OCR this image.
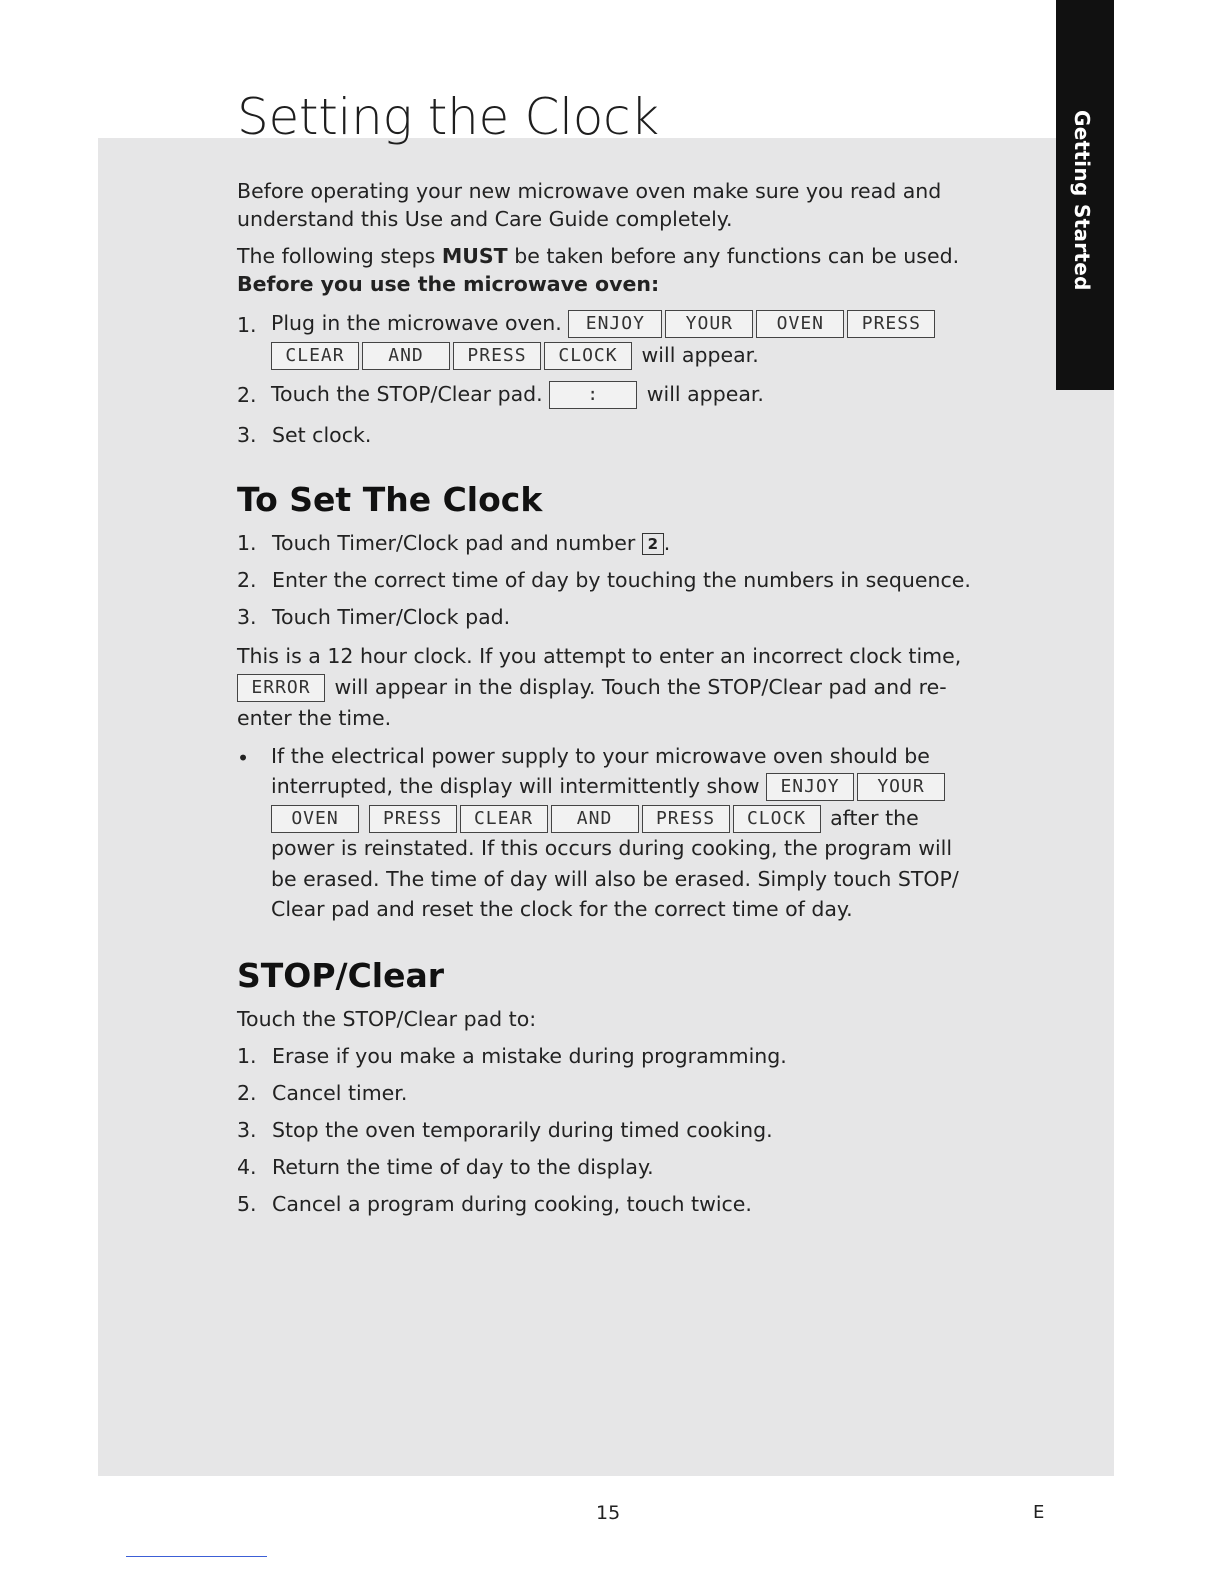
Getting Started
Setting the Clock

Before operating your new microwave oven make sure you read and understand this Use and Care Guide completely.

The following steps MUST be taken before any functions can be used.

Before you use the microwave oven:

1. Plug in the microwave oven. ENJOY YOUR OVEN PRESS
CLEAR AND PRESS CLOCK will appear.
2. Touch the STOP/Clear pad. : will appear.
3. Set clock.
To Set The Clock
1. Touch Timer/Clock pad and number 2 .
2. Enter the correct time of day by touching the numbers in sequence.
3. Touch Timer/Clock pad.
This is a 12 hour clock. If you attempt to enter an incorrect clock time,
ERROR will appear in the display. Touch the STOP/Clear pad and re-
enter the time.
•	If the electrical power supply to your microwave oven should be
interrupted, the display will intermittently show ENJOY YOUR
OVEN PRESS CLEAR AND PRESS CLOCK after the
power is reinstated. If this occurs during cooking, the program will
be erased. The time of day will also be erased. Simply touch STOP/
Clear pad and reset the clock for the correct time of day.
STOP/Clear
Touch the STOP/Clear pad to:
1. Erase if you make a mistake during programming.
2. Cancel timer.
3. Stop the oven temporarily during timed cooking.
4. Return the time of day to the display.
5. Cancel a program during cooking, touch twice.
15	E
